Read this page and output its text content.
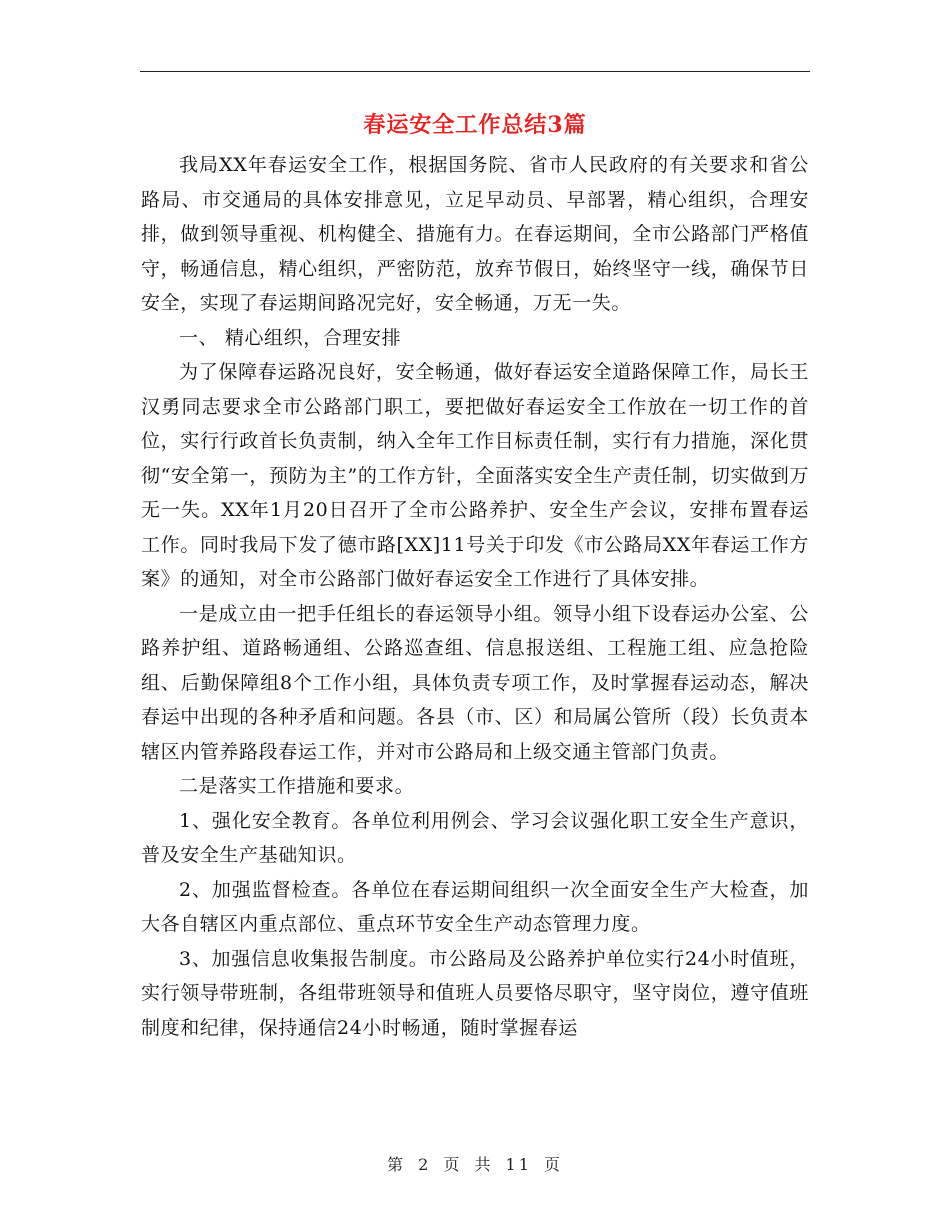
春运安全工作总结3篇

我局XX年春运安全工作，根据国务院、省市人民政府的有关要求和省公路局、市交通局的具体安排意见，立足早动员、早部署，精心组织，合理安排，做到领导重视、机构健全、措施有力。在春运期间，全市公路部门严格值守，畅通信息，精心组织，严密防范，放弃节假日，始终坚守一线，确保节日安全，实现了春运期间路况完好，安全畅通，万无一失。

一、 精心组织，合理安排

为了保障春运路况良好，安全畅通，做好春运安全道路保障工作，局长王汉勇同志要求全市公路部门职工，要把做好春运安全工作放在一切工作的首位，实行行政首长负责制，纳入全年工作目标责任制，实行有力措施，深化贯彻“安全第一，预防为主”的工作方针，全面落实安全生产责任制，切实做到万无一失。XX年1月20日召开了全市公路养护、安全生产会议，安排布置春运工作。同时我局下发了德市路[XX]11号关于印发《市公路局XX年春运工作方案》的通知，对全市公路部门做好春运安全工作进行了具体安排。

一是成立由一把手任组长的春运领导小组。领导小组下设春运办公室、公路养护组、道路畅通组、公路巡查组、信息报送组、工程施工组、应急抢险组、后勤保障组8个工作小组，具体负责专项工作，及时掌握春运动态，解决春运中出现的各种矛盾和问题。各县（市、区）和局属公管所（段）长负责本辖区内管养路段春运工作，并对市公路局和上级交通主管部门负责。

二是落实工作措施和要求。

1、强化安全教育。各单位利用例会、学习会议强化职工安全生产意识，普及安全生产基础知识。

2、加强监督检查。各单位在春运期间组织一次全面安全生产大检查，加大各自辖区内重点部位、重点环节安全生产动态管理力度。

3、加强信息收集报告制度。市公路局及公路养护单位实行24小时值班，实行领导带班制，各组带班领导和值班人员要恪尽职守，坚守岗位，遵守值班制度和纪律，保持通信24小时畅通，随时掌握春运

第 2 页 共 11 页
